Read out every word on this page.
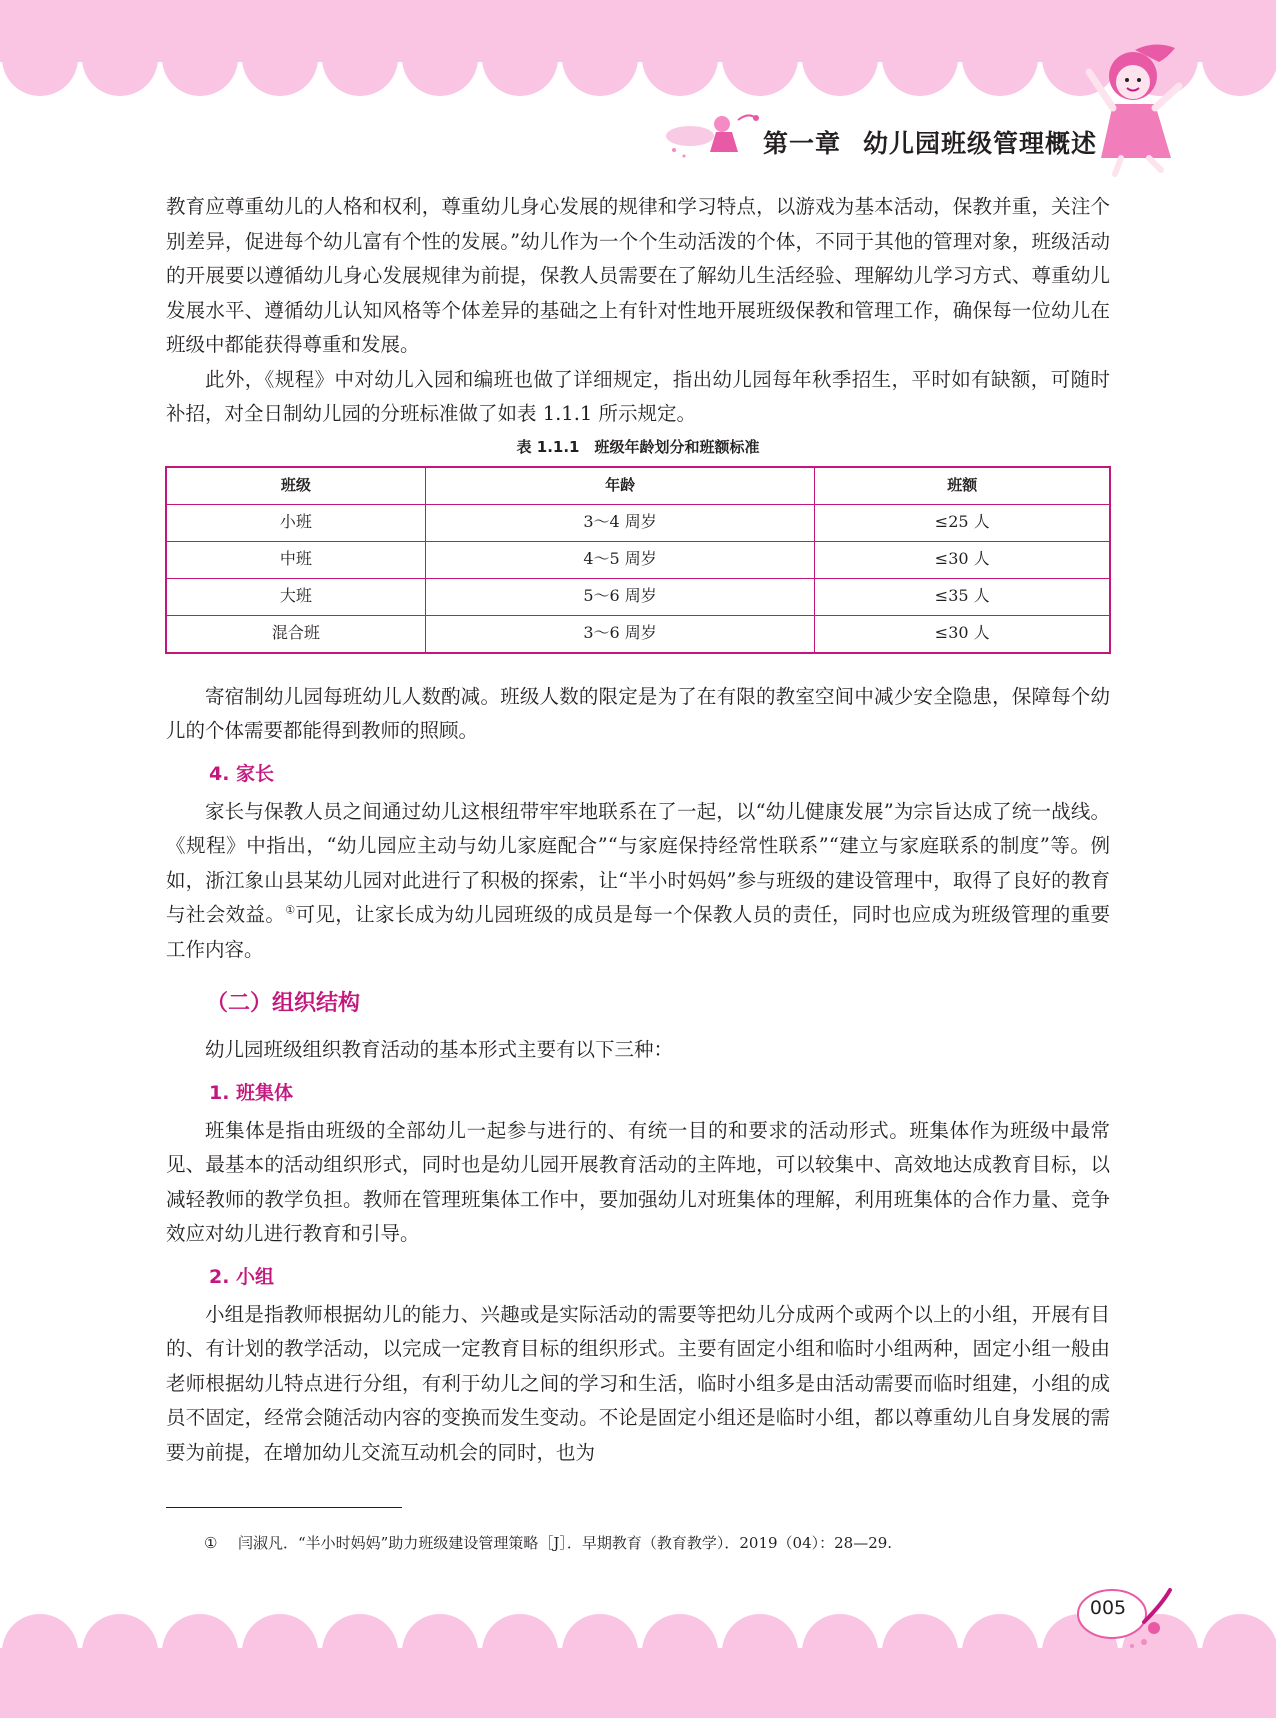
第一章 幼儿园班级管理概述

教育应尊重幼儿的人格和权利，尊重幼儿身心发展的规律和学习特点，以游戏为基本活动，保教并重，关注个别差异，促进每个幼儿富有个性的发展。”幼儿作为一个个生动活泼的个体，不同于其他的管理对象，班级活动的开展要以遵循幼儿身心发展规律为前提，保教人员需要在了解幼儿生活经验、理解幼儿学习方式、尊重幼儿发展水平、遵循幼儿认知风格等个体差异的基础之上有针对性地开展班级保教和管理工作，确保每一位幼儿在班级中都能获得尊重和发展。

此外，《规程》中对幼儿入园和编班也做了详细规定，指出幼儿园每年秋季招生，平时如有缺额，可随时补招，对全日制幼儿园的分班标准做了如表 1.1.1 所示规定。

表 1.1.1　班级年龄划分和班额标准
班级	年龄	班额
小班	3～4 周岁	≤25 人
中班	4～5 周岁	≤30 人
大班	5～6 周岁	≤35 人
混合班	3～6 周岁	≤30 人

寄宿制幼儿园每班幼儿人数酌减。班级人数的限定是为了在有限的教室空间中减少安全隐患，保障每个幼儿的个体需要都能得到教师的照顾。

4. 家长

家长与保教人员之间通过幼儿这根纽带牢牢地联系在了一起，以“幼儿健康发展”为宗旨达成了统一战线。《规程》中指出，“幼儿园应主动与幼儿家庭配合”“与家庭保持经常性联系”“建立与家庭联系的制度”等。例如，浙江象山县某幼儿园对此进行了积极的探索，让“半小时妈妈”参与班级的建设管理中，取得了良好的教育与社会效益。①可见，让家长成为幼儿园班级的成员是每一个保教人员的责任，同时也应成为班级管理的重要工作内容。

（二）组织结构

幼儿园班级组织教育活动的基本形式主要有以下三种：

1. 班集体

班集体是指由班级的全部幼儿一起参与进行的、有统一目的和要求的活动形式。班集体作为班级中最常见、最基本的活动组织形式，同时也是幼儿园开展教育活动的主阵地，可以较集中、高效地达成教育目标，以减轻教师的教学负担。教师在管理班集体工作中，要加强幼儿对班集体的理解，利用班集体的合作力量、竞争效应对幼儿进行教育和引导。

2. 小组

小组是指教师根据幼儿的能力、兴趣或是实际活动的需要等把幼儿分成两个或两个以上的小组，开展有目的、有计划的教学活动，以完成一定教育目标的组织形式。主要有固定小组和临时小组两种，固定小组一般由老师根据幼儿特点进行分组，有利于幼儿之间的学习和生活，临时小组多是由活动需要而临时组建，小组的成员不固定，经常会随活动内容的变换而发生变动。不论是固定小组还是临时小组，都以尊重幼儿自身发展的需要为前提，在增加幼儿交流互动机会的同时，也为

① 闫淑凡．“半小时妈妈”助力班级建设管理策略［J］．早期教育（教育教学）．2019（04）：28—29.
005
